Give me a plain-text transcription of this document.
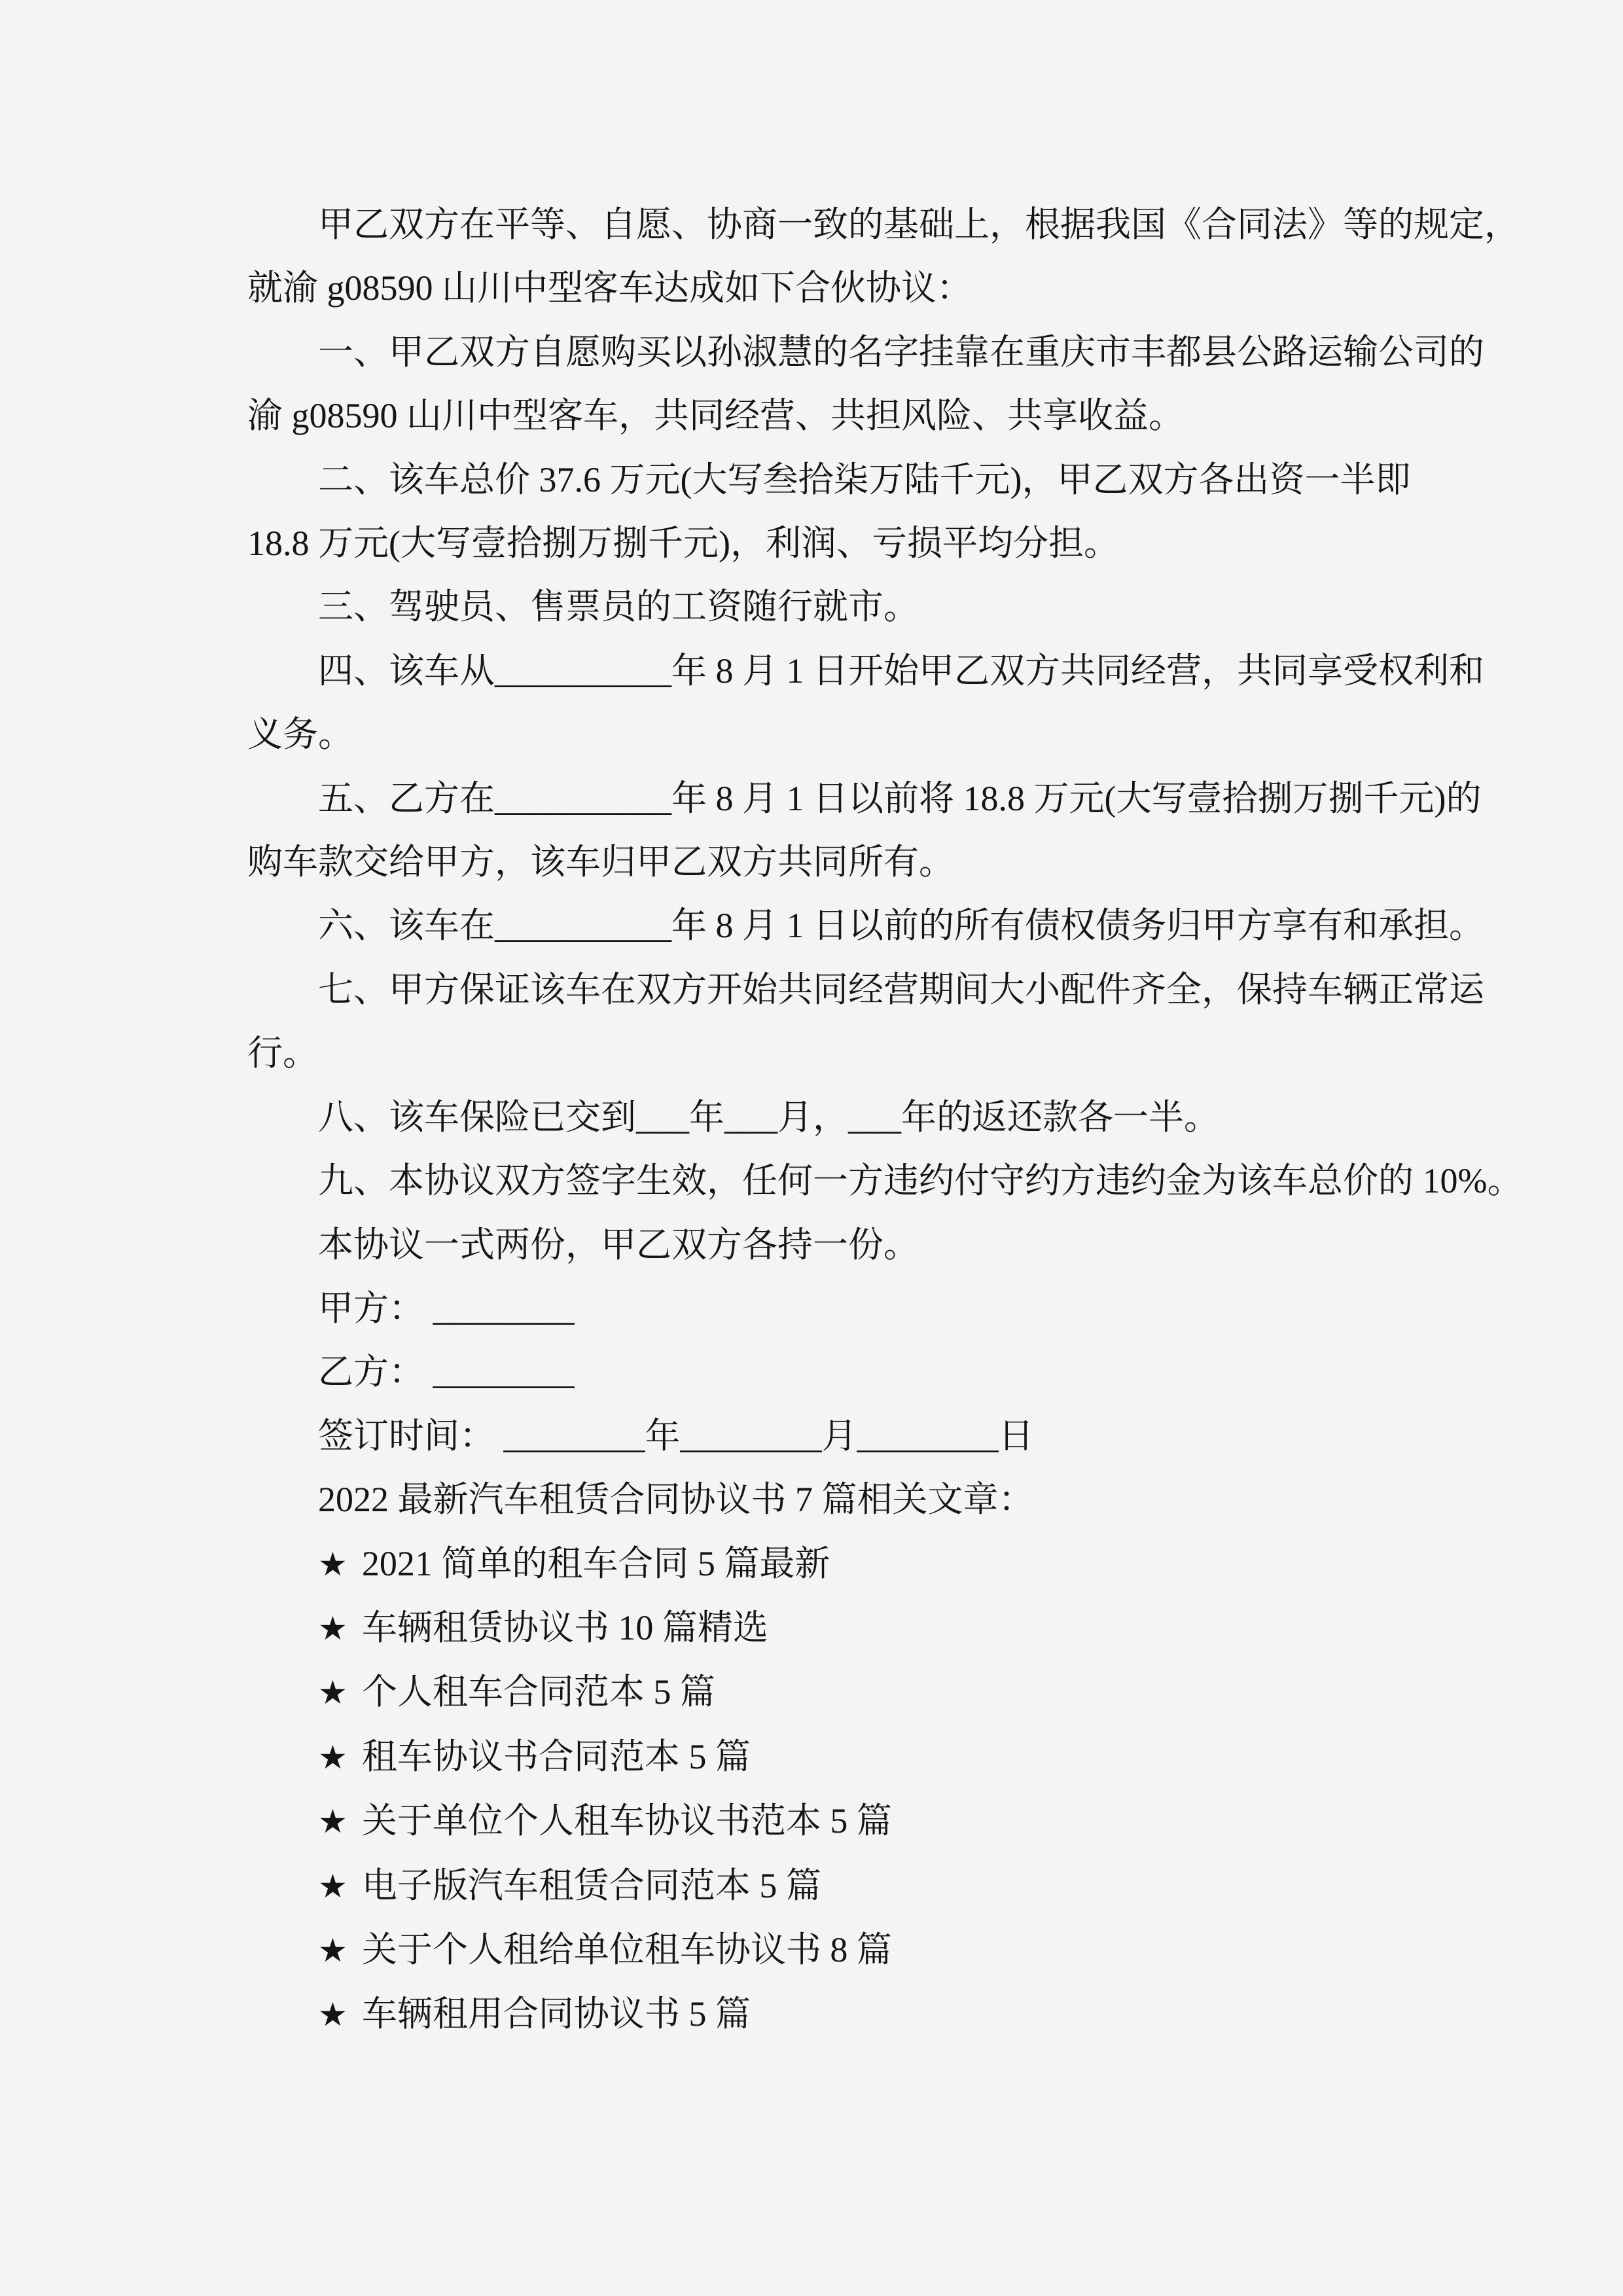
甲乙双方在平等、自愿、协商一致的基础上，根据我国《合同法》等的规定，

就渝 g08590 山川中型客车达成如下合伙协议：

一、甲乙双方自愿购买以孙淑慧的名字挂靠在重庆市丰都县公路运输公司的

渝 g08590 山川中型客车，共同经营、共担风险、共享收益。

二、该车总价 37.6 万元(大写叁拾柒万陆千元)，甲乙双方各出资一半即

18.8 万元(大写壹拾捌万捌千元)，利润、亏损平均分担。

三、驾驶员、售票员的工资随行就市。

四、该车从__________年 8 月 1 日开始甲乙双方共同经营，共同享受权利和

义务。

五、乙方在__________年 8 月 1 日以前将 18.8 万元(大写壹拾捌万捌千元)的

购车款交给甲方，该车归甲乙双方共同所有。

六、该车在__________年 8 月 1 日以前的所有债权债务归甲方享有和承担。

七、甲方保证该车在双方开始共同经营期间大小配件齐全，保持车辆正常运

行。

八、该车保险已交到___年___月，___年的返还款各一半。

九、本协议双方签字生效，任何一方违约付守约方违约金为该车总价的 10%。

本协议一式两份，甲乙双方各持一份。

甲方： ________

乙方： ________

签订时间： ________年________月________日

2022 最新汽车租赁合同协议书 7 篇相关文章：

★ 2021 简单的租车合同 5 篇最新

★ 车辆租赁协议书 10 篇精选

★ 个人租车合同范本 5 篇

★ 租车协议书合同范本 5 篇

★ 关于单位个人租车协议书范本 5 篇

★ 电子版汽车租赁合同范本 5 篇

★ 关于个人租给单位租车协议书 8 篇

★ 车辆租用合同协议书 5 篇
